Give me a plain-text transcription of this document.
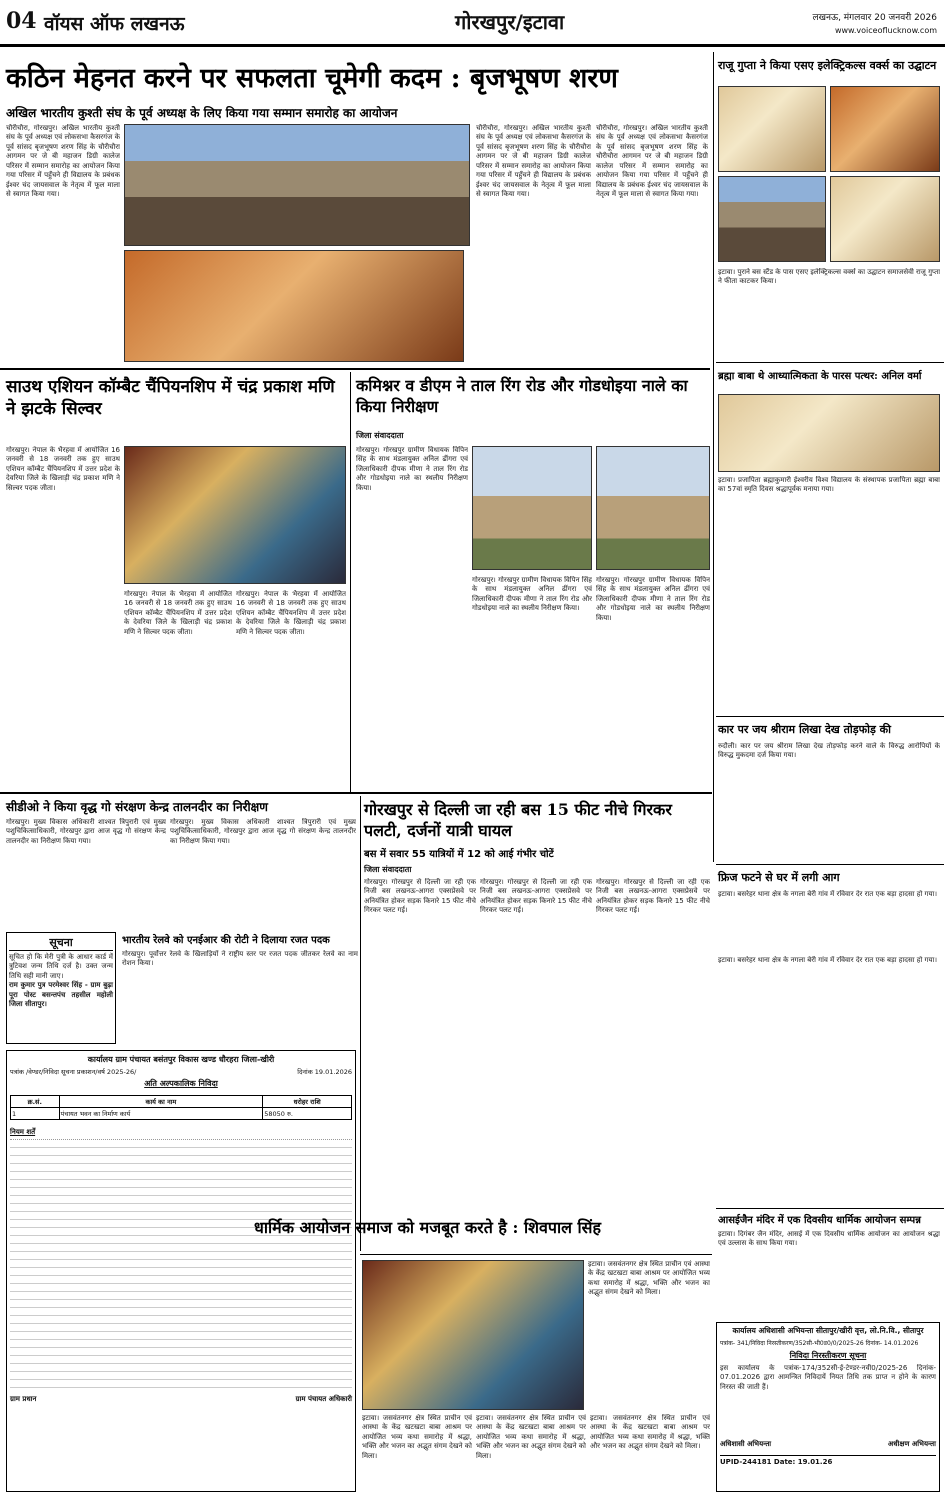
04 वॉयस ऑफ लखनऊ	गोरखपुर/इटावा	लखनऊ, मंगलवार 20 जनवरी 2026
www.voiceoflucknow.com
कठिन मेहनत करने पर सफलता चूमेगी कदम : बृजभूषण शरण
अखिल भारतीय कुश्ती संघ के पूर्व अध्यक्ष के लिए किया गया सम्मान समारोह का आयोजन
चौरीचौरा, गोरखपुर। अखिल भारतीय कुश्ती संघ के पूर्व अध्यक्ष एवं लोकसभा कैसरगंज के पूर्व सांसद बृजभूषण शरण सिंह के चौरीचौरा आगमन पर जे बी महाजन डिग्री कालेज परिसर में सम्मान समारोह का आयोजन किया गया परिसर में पहुँचने ही विद्यालय के प्रबंधक ईश्वर चंद जायसवाल के नेतृत्व में फूल माला से स्वागत किया गया।
चौरीचौरा, गोरखपुर। अखिल भारतीय कुश्ती संघ के पूर्व अध्यक्ष एवं लोकसभा कैसरगंज के पूर्व सांसद बृजभूषण शरण सिंह के चौरीचौरा आगमन पर जे बी महाजन डिग्री कालेज परिसर में सम्मान समारोह का आयोजन किया गया परिसर में पहुँचने ही विद्यालय के प्रबंधक ईश्वर चंद जायसवाल के नेतृत्व में फूल माला से स्वागत किया गया।
चौरीचौरा, गोरखपुर। अखिल भारतीय कुश्ती संघ के पूर्व अध्यक्ष एवं लोकसभा कैसरगंज के पूर्व सांसद बृजभूषण शरण सिंह के चौरीचौरा आगमन पर जे बी महाजन डिग्री कालेज परिसर में सम्मान समारोह का आयोजन किया गया परिसर में पहुँचने ही विद्यालय के प्रबंधक ईश्वर चंद जायसवाल के नेतृत्व में फूल माला से स्वागत किया गया।
राजू गुप्ता ने किया एसए इलेक्ट्रिकल्स वर्क्स का उद्घाटन
इटावा। पुराने बस स्टैंड के पास एसए इलेक्ट्रिकल्स वर्क्स का उद्घाटन समाजसेवी राजू गुप्ता ने फीता काटकर किया।
ब्रह्मा बाबा थे आध्यात्मिकता के पारस पत्थर: अनिल वर्मा
इटावा। प्रजापिता ब्रह्माकुमारी ईश्वरीय विश्व विद्यालय के संस्थापक प्रजापिता ब्रह्मा बाबा का 57वां स्मृति दिवस श्रद्धापूर्वक मनाया गया।
कार पर जय श्रीराम लिखा देख तोड़फोड़ की
रुदौली। कार पर जय श्रीराम लिखा देख तोड़फोड़ करने वाले के विरुद्ध आरोपियों के विरुद्ध मुकदमा दर्ज किया गया।
साउथ एशियन कॉम्बैट चैंपियनशिप में चंद्र प्रकाश मणि ने झटके सिल्वर
गोरखपुर। नेपाल के भैरहवा में आयोजित 16 जनवरी से 18 जनवरी तक हुए साउथ एशियन कॉम्बैट चैंपियनशिप में उत्तर प्रदेश के देवरिया जिले के खिलाड़ी चंद्र प्रकाश मणि ने सिल्वर पदक जीता।
गोरखपुर। नेपाल के भैरहवा में आयोजित 16 जनवरी से 18 जनवरी तक हुए साउथ एशियन कॉम्बैट चैंपियनशिप में उत्तर प्रदेश के देवरिया जिले के खिलाड़ी चंद्र प्रकाश मणि ने सिल्वर पदक जीता।
गोरखपुर। नेपाल के भैरहवा में आयोजित 16 जनवरी से 18 जनवरी तक हुए साउथ एशियन कॉम्बैट चैंपियनशिप में उत्तर प्रदेश के देवरिया जिले के खिलाड़ी चंद्र प्रकाश मणि ने सिल्वर पदक जीता।
कमिश्नर व डीएम ने ताल रिंग रोड और गोडधोइया नाले का किया निरीक्षण
जिला संवाददाता
गोरखपुर। गोरखपुर ग्रामीण विधायक विपिन सिंह के साथ मंडलायुक्त अनिल ढींगरा एवं जिलाधिकारी दीपक मीणा ने ताल रिंग रोड और गोडधोइया नाले का स्थलीय निरीक्षण किया।
गोरखपुर। गोरखपुर ग्रामीण विधायक विपिन सिंह के साथ मंडलायुक्त अनिल ढींगरा एवं जिलाधिकारी दीपक मीणा ने ताल रिंग रोड और गोडधोइया नाले का स्थलीय निरीक्षण किया।
गोरखपुर। गोरखपुर ग्रामीण विधायक विपिन सिंह के साथ मंडलायुक्त अनिल ढींगरा एवं जिलाधिकारी दीपक मीणा ने ताल रिंग रोड और गोडधोइया नाले का स्थलीय निरीक्षण किया।
सीडीओ ने किया वृद्ध गो संरक्षण केन्द्र तालनदीर का निरीक्षण
गोरखपुर। मुख्य विकास अधिकारी शाश्वत त्रिपुरारी एवं मुख्य पशुचिकित्साधिकारी, गोरखपुर द्वारा आज वृद्ध गो संरक्षण केन्द्र तालनदीर का निरीक्षण किया गया।
गोरखपुर। मुख्य विकास अधिकारी शाश्वत त्रिपुरारी एवं मुख्य पशुचिकित्साधिकारी, गोरखपुर द्वारा आज वृद्ध गो संरक्षण केन्द्र तालनदीर का निरीक्षण किया गया।
गोरखपुर से दिल्ली जा रही बस 15 फीट नीचे गिरकर पलटी, दर्जनों यात्री घायल
बस में सवार 55 यात्रियों में 12 को आई गंभीर चोटें
जिला संवाददाता
गोरखपुर। गोरखपुर से दिल्ली जा रही एक निजी बस लखनऊ-आगरा एक्सप्रेसवे पर अनियंत्रित होकर सड़क किनारे 15 फीट नीचे गिरकर पलट गई।
गोरखपुर। गोरखपुर से दिल्ली जा रही एक निजी बस लखनऊ-आगरा एक्सप्रेसवे पर अनियंत्रित होकर सड़क किनारे 15 फीट नीचे गिरकर पलट गई।
गोरखपुर। गोरखपुर से दिल्ली जा रही एक निजी बस लखनऊ-आगरा एक्सप्रेसवे पर अनियंत्रित होकर सड़क किनारे 15 फीट नीचे गिरकर पलट गई।
फ्रिज फटने से घर में लगी आग
इटावा। बसरेहर थाना क्षेत्र के नगला बेरी गांव में रविवार देर रात एक बड़ा हादसा हो गया।
सूचना
सूचित हो कि मेरी पुत्री के आधार कार्ड में त्रुटिवश जन्म तिथि दर्ज है। उक्त जन्म तिथि सही मानी जाए।
राम कुमार पुत्र परमेश्वर सिंह - ग्राम बुढ़ा पूरा पोस्ट बसन्तपंच तहसील महोली जिला सीतापुर।
भारतीय रेलवे को एनईआर की रोटी ने दिलाया रजत पदक
गोरखपुर। पूर्वोत्तर रेलवे के खिलाड़ियों ने राष्ट्रीय स्तर पर रजत पदक जीतकर रेलवे का नाम रोशन किया।
कार्यालय ग्राम पंचायत बसंतपुर विकास खण्ड धौरहरा जिला-खीरी
पत्रांक /वेण्डर/निविदा सूचना प्रकाशन/वर्ष 2025-26/	दिनांक 19.01.2026
अति अल्पकालिक निविदा
क्र.सं.	कार्य का नाम	धरोहर राशि
1	पंचायत भवन का निर्माण कार्य	58050 रु.
नियम शर्तें
ग्राम प्रधान	ग्राम पंचायत अधिकारी
धार्मिक आयोजन समाज को मजबूत करते है : शिवपाल सिंह
इटावा। जसवंतनगर क्षेत्र स्थित प्राचीन एवं आस्था के केंद्र खटखटा बाबा आश्रम पर आयोजित भव्य कथा समारोह में श्रद्धा, भक्ति और भजन का अद्भुत संगम देखने को मिला।
इटावा। जसवंतनगर क्षेत्र स्थित प्राचीन एवं आस्था के केंद्र खटखटा बाबा आश्रम पर आयोजित भव्य कथा समारोह में श्रद्धा, भक्ति और भजन का अद्भुत संगम देखने को मिला।
इटावा। जसवंतनगर क्षेत्र स्थित प्राचीन एवं आस्था के केंद्र खटखटा बाबा आश्रम पर आयोजित भव्य कथा समारोह में श्रद्धा, भक्ति और भजन का अद्भुत संगम देखने को मिला।
इटावा। जसवंतनगर क्षेत्र स्थित प्राचीन एवं आस्था के केंद्र खटखटा बाबा आश्रम पर आयोजित भव्य कथा समारोह में श्रद्धा, भक्ति और भजन का अद्भुत संगम देखने को मिला।
आसईजैन मंदिर में एक दिवसीय धार्मिक आयोजन सम्पन्न
इटावा। दिगंबर जैन मंदिर, आसई में एक दिवसीय धार्मिक आयोजन का आयोजन श्रद्धा एवं उल्लास के साथ किया गया।
इटावा। बसरेहर थाना क्षेत्र के नगला बेरी गांव में रविवार देर रात एक बड़ा हादसा हो गया।
कार्यालय अधिशासी अभियन्ता सीतापुर/खीरी वृत्त, लो.नि.वि., सीतापुर
पत्रांक- 341/निविदा निरस्तीकरण/352सी-भी0ड0/0/2025-26 दिनांक- 14.01.2026
निविदा निरस्तीकरण सूचना
इस कार्यालय के पत्रांक-174/352सी-ई-टेण्डर-नवी0/2025-26 दिनांक- 07.01.2026 द्वारा आमन्त्रित निविदायें नियत तिथि तक प्राप्त न होने के कारण निरस्त की जाती हैं।
अधिशासी अभियन्ता	अधीक्षण अभियन्ता
UPID-244181 Date: 19.01.26
